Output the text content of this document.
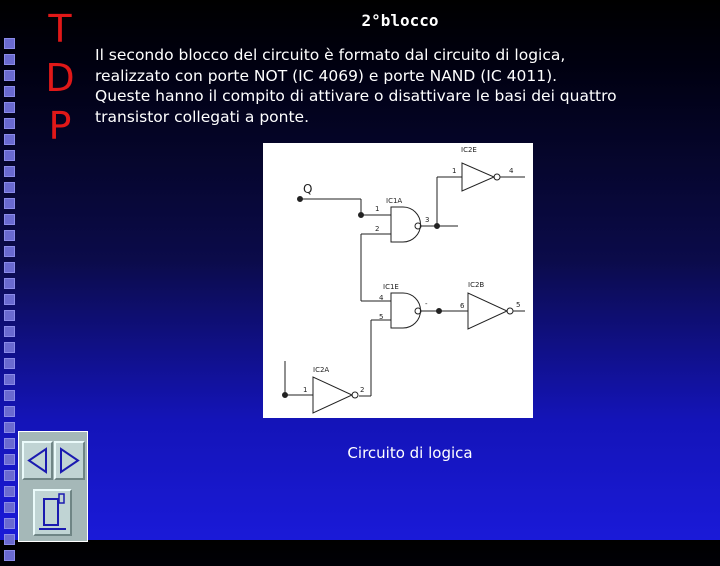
T
D
P
2°blocco
Il secondo blocco del circuito è formato dal circuito di logica,
realizzato con porte NOT (IC 4069) e porte NAND (IC 4011).
Queste hanno il compito di attivare o disattivare le basi dei quattro
transistor collegati a ponte.
Q
IC2E
1	4
IC1A
1
2
3
IC1E
4
5
-
IC2B
6	5
IC2A
1	2
Circuito di logica
